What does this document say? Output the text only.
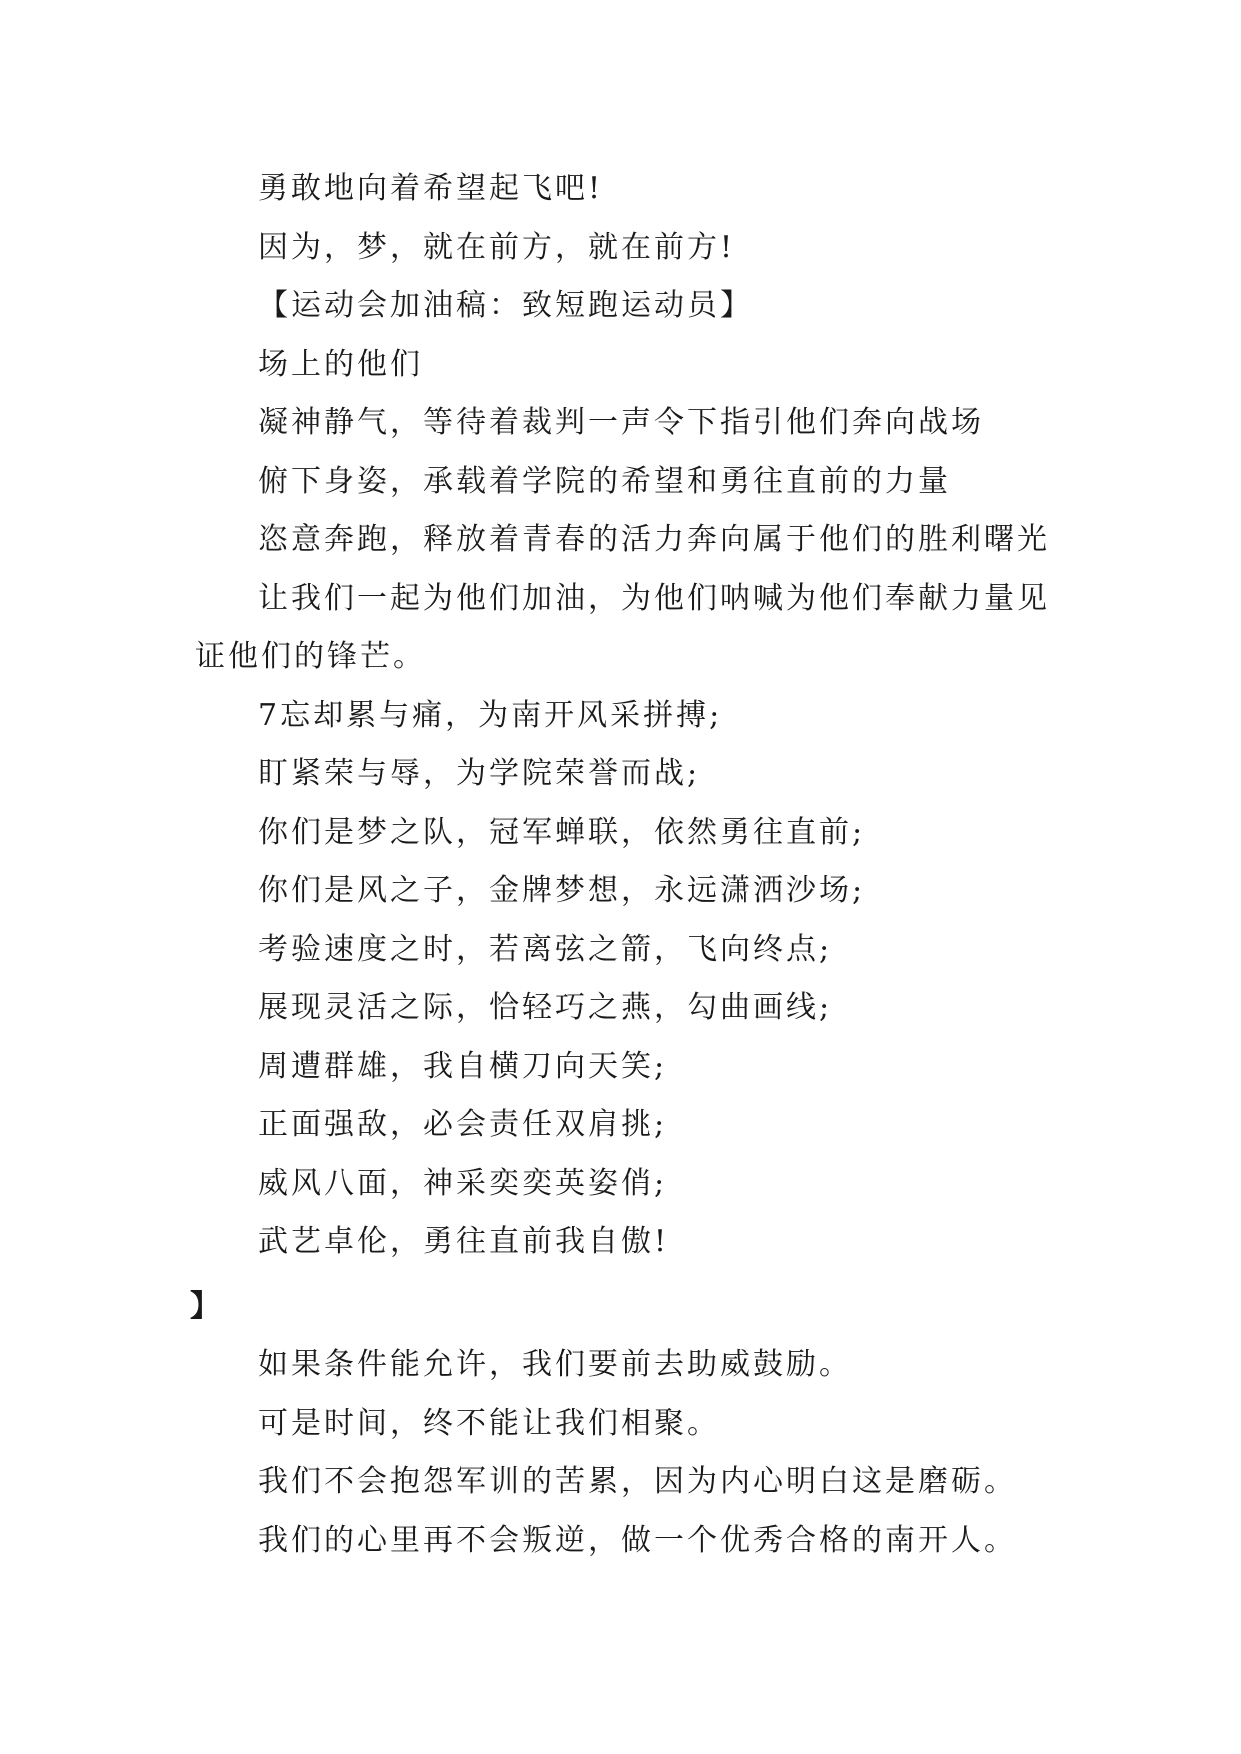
勇敢地向着希望起飞吧!

因为，梦，就在前方，就在前方!

【运动会加油稿：致短跑运动员】

场上的他们

凝神静气，等待着裁判一声令下指引他们奔向战场

俯下身姿，承载着学院的希望和勇往直前的力量

恣意奔跑，释放着青春的活力奔向属于他们的胜利曙光

让我们一起为他们加油，为他们呐喊为他们奉献力量见

证他们的锋芒。

7忘却累与痛，为南开风采拼搏;

盯紧荣与辱，为学院荣誉而战;

你们是梦之队，冠军蝉联，依然勇往直前;

你们是风之子，金牌梦想，永远潇洒沙场;

考验速度之时，若离弦之箭，飞向终点;

展现灵活之际，恰轻巧之燕，勾曲画线;

周遭群雄，我自横刀向天笑;

正面强敌，必会责任双肩挑;

威风八面，神采奕奕英姿俏;

武艺卓伦，勇往直前我自傲!

】

如果条件能允许，我们要前去助威鼓励。

可是时间，终不能让我们相聚。

我们不会抱怨军训的苦累，因为内心明白这是磨砺。

我们的心里再不会叛逆，做一个优秀合格的南开人。
